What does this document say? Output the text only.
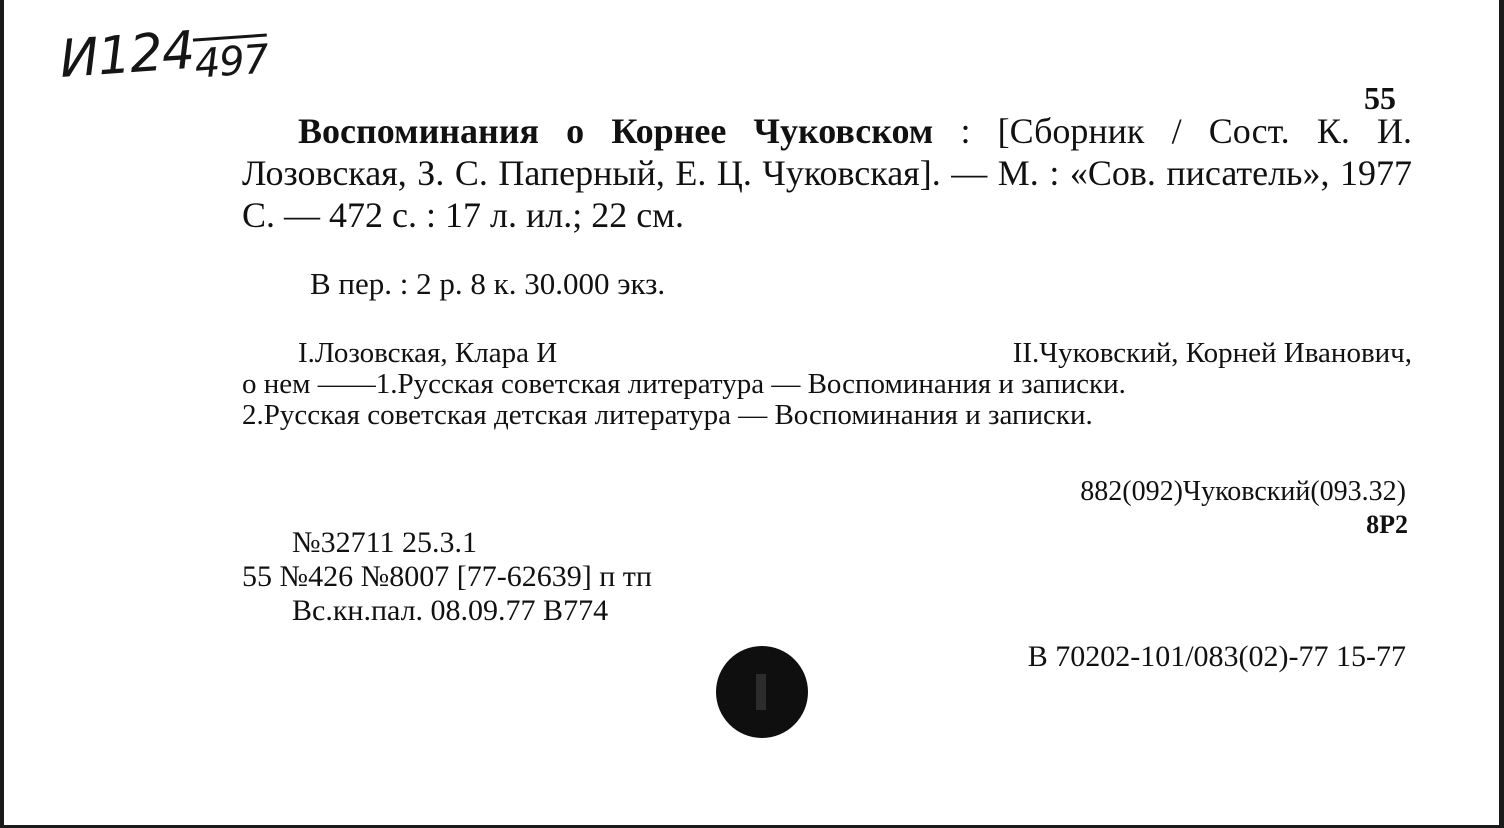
И124497
55
Воспоминания о Корнее Чуковском : [Сборник / Сост. К. И. Лозовская, З. С. Паперный, Е. Ц. Чуковская]. — М. : «Сов. писатель», 1977 С. — 472 с. : 17 л. ил.; 22 см.
В пер. : 2 р. 8 к. 30.000 экз.
I.Лозовская, Клара И	II.Чуковский, Корней Иванович,
о нем ——1.Русская советская литература — Воспоминания и записки.
2.Русская советская детская литература — Воспоминания и записки.
882(092)Чуковский(093.32)
8Р2
№32711 25.3.1
55 №426 №8007 [77-62639] п тп
Вс.кн.пал. 08.09.77 В774
В 70202-101/083(02)-77 15-77
